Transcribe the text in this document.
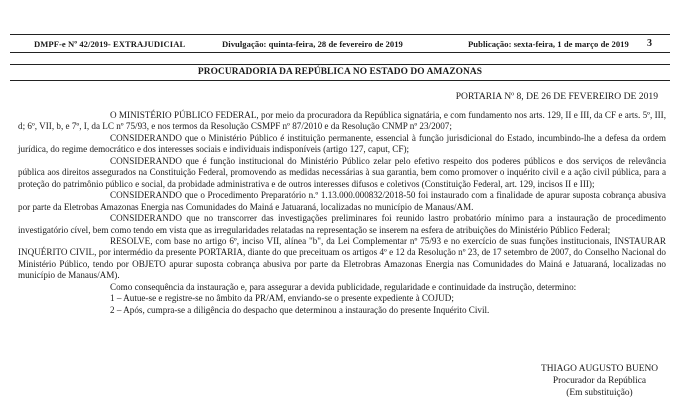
DMPF-e Nº 42/2019- EXTRAJUDICIAL	Divulgação: quinta-feira, 28 de fevereiro de 2019	Publicação: sexta-feira, 1 de março de 2019 3
PROCURADORIA DA REPÚBLICA NO ESTADO DO AMAZONAS
PORTARIA Nº 8, DE 26 DE FEVEREIRO DE 2019

O MINISTÉRIO PÚBLICO FEDERAL, por meio da procuradora da República signatária, e com fundamento nos arts. 129, II e III, da CF e arts. 5º, III, d; 6º, VII, b, e 7º, I, da LC nº 75/93, e nos termos da Resolução CSMPF nº 87/2010 e da Resolução CNMP nº 23/2007;

CONSIDERANDO que o Ministério Público é instituição permanente, essencial à função jurisdicional do Estado, incumbindo-lhe a defesa da ordem jurídica, do regime democrático e dos interesses sociais e individuais indisponíveis (artigo 127, caput, CF);

CONSIDERANDO que é função institucional do Ministério Público zelar pelo efetivo respeito dos poderes públicos e dos serviços de relevância pública aos direitos assegurados na Constituição Federal, promovendo as medidas necessárias à sua garantia, bem como promover o inquérito civil e a ação civil pública, para a proteção do patrimônio público e social, da probidade administrativa e de outros interesses difusos e coletivos (Constituição Federal, art. 129, incisos II e III);

CONSIDERANDO que o Procedimento Preparatório n.º 1.13.000.000832/2018-50 foi instaurado com a finalidade de apurar suposta cobrança abusiva por parte da Eletrobas Amazonas Energia nas Comunidades do Mainá e Jatuaraná, localizadas no município de Manaus/AM.

CONSIDERANDO que no transcorrer das investigações preliminares foi reunido lastro probatório mínimo para a instauração de procedimento investigatório cível, bem como tendo em vista que as irregularidades relatadas na representação se inserem na esfera de atribuições do Ministério Público Federal;

RESOLVE, com base no artigo 6º, inciso VII, alínea "b", da Lei Complementar nº 75/93 e no exercício de suas funções institucionais, INSTAURAR INQUÉRITO CIVIL, por intermédio da presente PORTARIA, diante do que preceituam os artigos 4º e 12 da Resolução nº 23, de 17 setembro de 2007, do Conselho Nacional do Ministério Público, tendo por OBJETO apurar suposta cobrança abusiva por parte da Eletrobras Amazonas Energia nas Comunidades do Mainá e Jatuaraná, localizadas no município de Manaus/AM).

Como consequência da instauração e, para assegurar a devida publicidade, regularidade e continuidade da instrução, determino:

1 – Autue-se e registre-se no âmbito da PR/AM, enviando-se o presente expediente à COJUD;

2 – Após, cumpra-se a diligência do despacho que determinou a instauração do presente Inquérito Civil.

THIAGO AUGUSTO BUENO
Procurador da República
(Em substituição)
